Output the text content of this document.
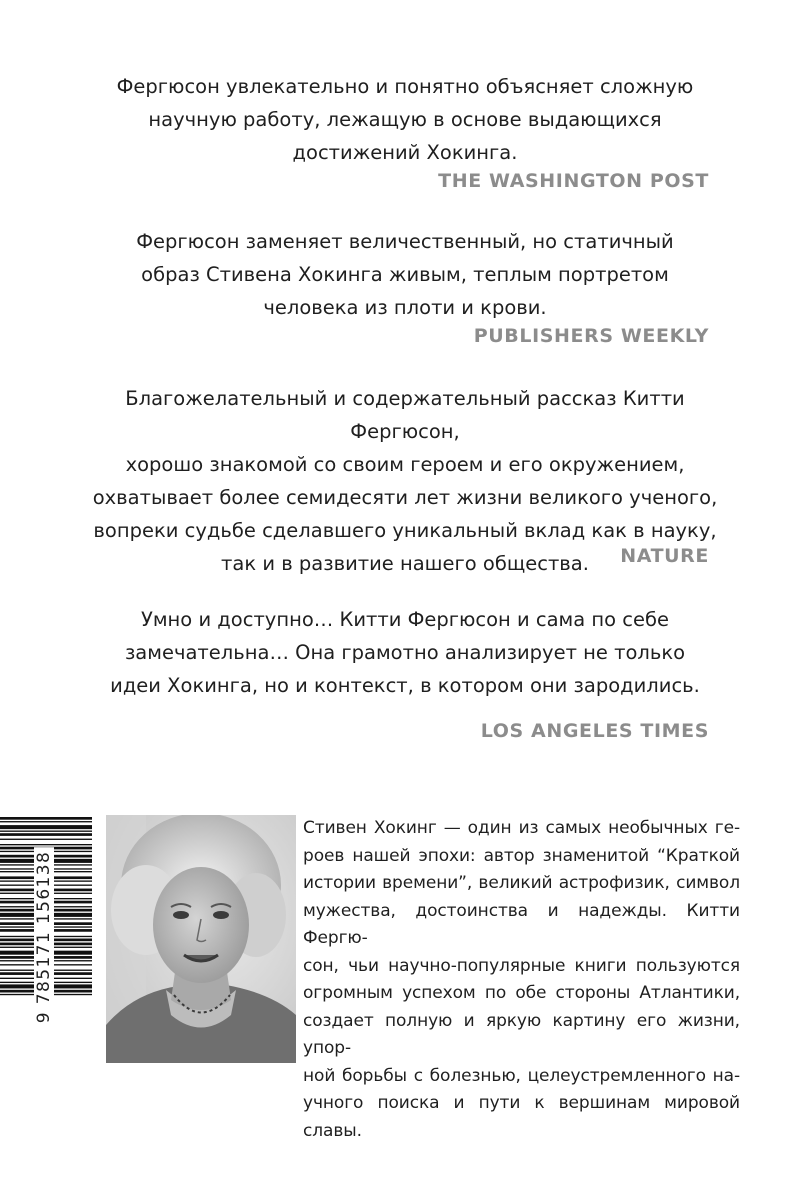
Фергюсон увлекательно и понятно объясняет сложную
научную работу, лежащую в основе выдающихся
достижений Хокинга.

THE WASHINGTON POST

Фергюсон заменяет величественный, но статичный
образ Стивена Хокинга живым, теплым портретом
человека из плоти и крови.

PUBLISHERS WEEKLY

Благожелательный и содержательный рассказ Китти Фергюсон,
хорошо знакомой со своим героем и его окружением,
охватывает более семидесяти лет жизни великого ученого,
вопреки судьбе сделавшего уникальный вклад как в науку,
так и в развитие нашего общества.	NATURE

Умно и доступно… Китти Фергюсон и сама по себе
замечательна… Она грамотно анализирует не только
идеи Хокинга, но и контекст, в котором они зародились.

LOS ANGELES TIMES
9 785171 156138

Стивен Хокинг — один из самых необычных ге-
роев нашей эпохи: автор знаменитой “Краткой
истории времени”, великий астрофизик, символ
мужества, достоинства и надежды. Китти Фергю-
сон, чьи научно-популярные книги пользуются
огромным успехом по обе стороны Атлантики,
создает полную и яркую картину его жизни, упор-
ной борьбы с болезнью, целеустремленного на-
учного поиска и пути к вершинам мировой славы.
